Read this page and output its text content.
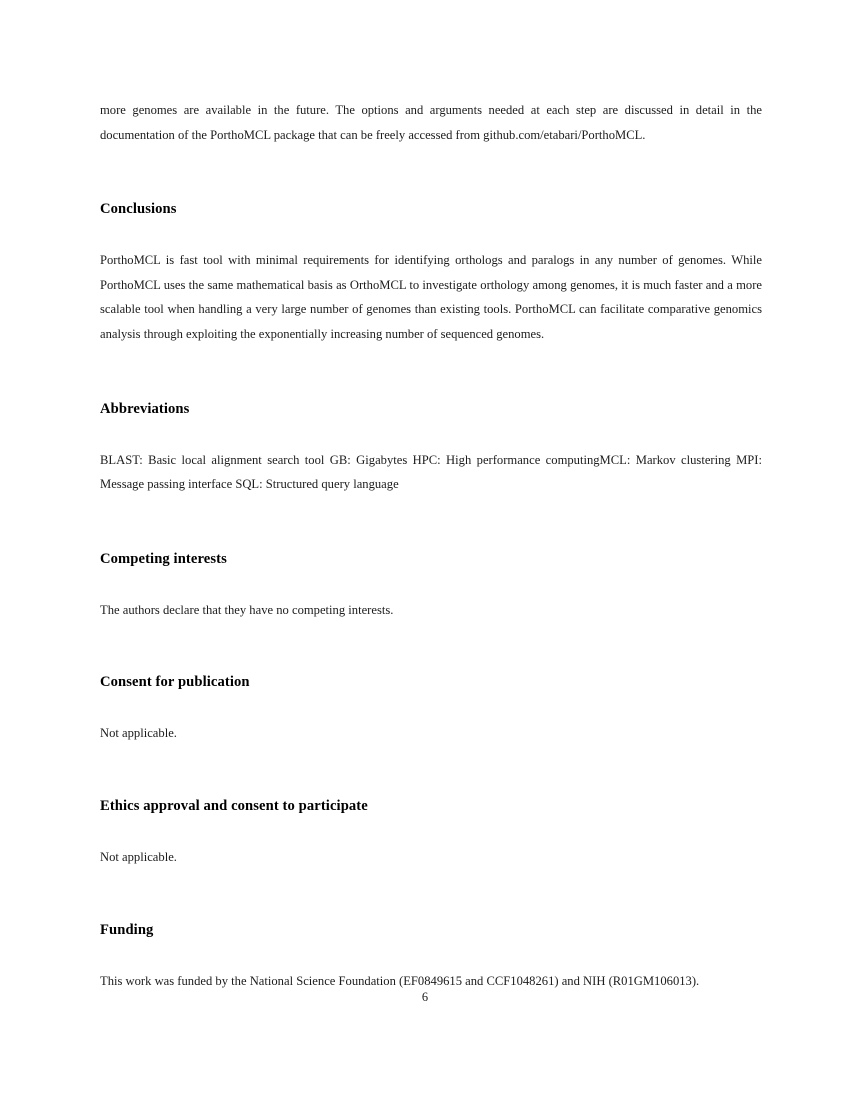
more genomes are available in the future. The options and arguments needed at each step are discussed in detail in the documentation of the PorthoMCL package that can be freely accessed from github.com/etabari/PorthoMCL.

Conclusions

PorthoMCL is fast tool with minimal requirements for identifying orthologs and paralogs in any number of genomes. While PorthoMCL uses the same mathematical basis as OrthoMCL to investigate orthology among genomes, it is much faster and a more scalable tool when handling a very large number of genomes than existing tools. PorthoMCL can facilitate comparative genomics analysis through exploiting the exponentially increasing number of sequenced genomes.

Abbreviations

BLAST: Basic local alignment search tool GB: Gigabytes HPC: High performance computingMCL: Markov clustering MPI: Message passing interface SQL: Structured query language

Competing interests

The authors declare that they have no competing interests.

Consent for publication

Not applicable.

Ethics approval and consent to participate

Not applicable.

Funding

This work was funded by the National Science Foundation (EF0849615 and CCF1048261) and NIH (R01GM106013).

6
